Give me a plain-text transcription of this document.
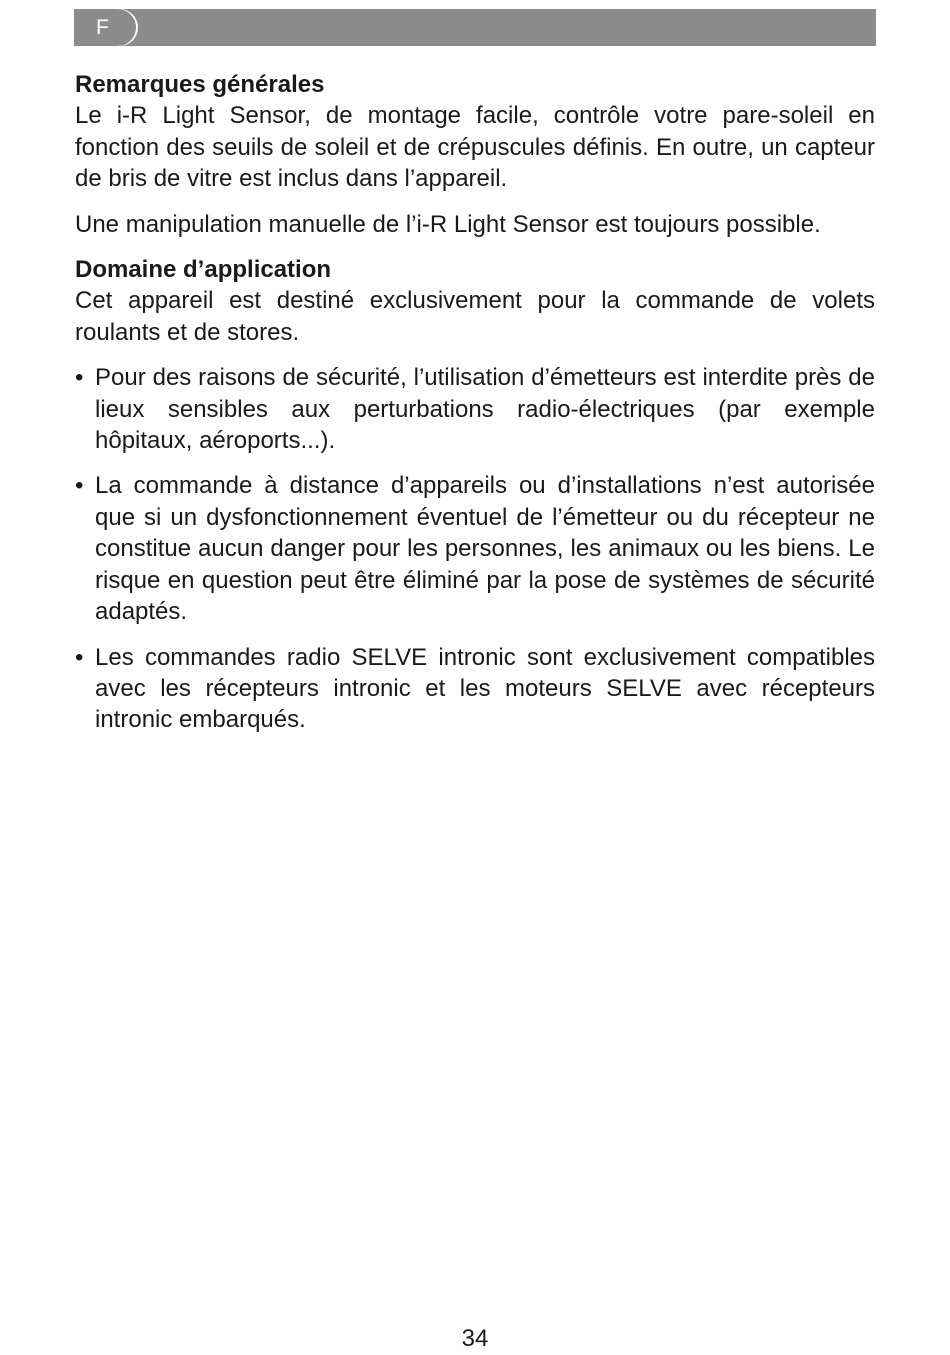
F
Remarques générales

Le i-R Light Sensor, de montage facile, contrôle votre pare-soleil en fonction des seuils de soleil et de crépuscules définis. En outre, un capteur de bris de vitre est inclus dans l’appareil.

Une manipulation manuelle de l’i-R Light Sensor est toujours possible.

Domaine d’application

Cet appareil est destiné exclusivement pour la commande de volets roulants et de stores.

• Pour des raisons de sécurité, l’utilisation d’émetteurs est interdite près de lieux sensibles aux perturbations radio-électriques (par exemple hôpitaux, aéroports...).
• La commande à distance d’appareils ou d’installations n’est autorisée que si un dysfonctionnement éventuel de l’émetteur ou du récepteur ne constitue aucun danger pour les personnes, les animaux ou les biens. Le risque en question peut être éliminé par la pose de systèmes de sécurité adaptés.
• Les commandes radio SELVE intronic sont exclusivement compatibles avec les récepteurs intronic et les moteurs SELVE avec récepteurs intronic embarqués.
34
